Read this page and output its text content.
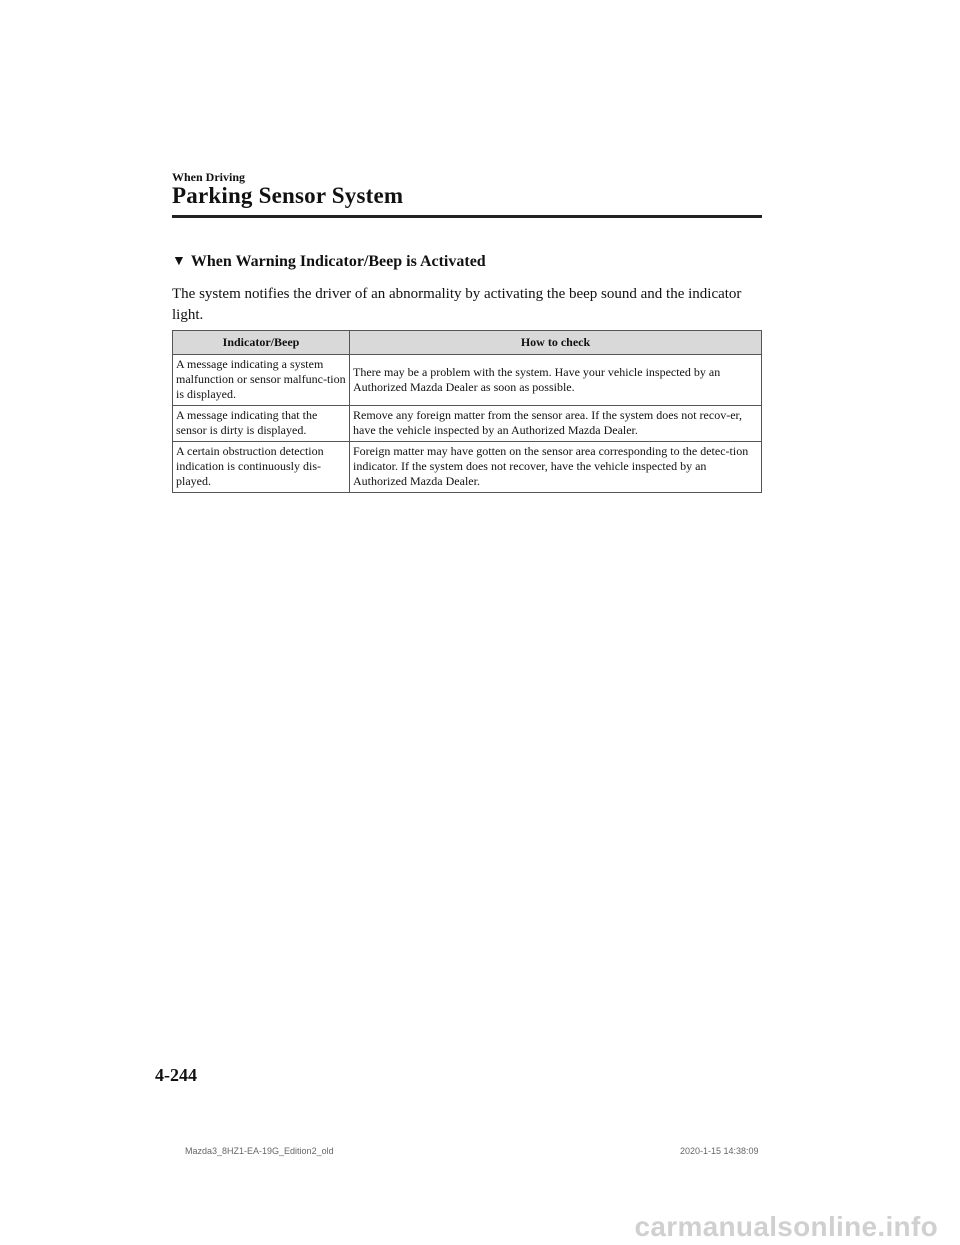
When Driving
Parking Sensor System
▼ When Warning Indicator/Beep is Activated

The system notifies the driver of an abnormality by activating the beep sound and the indicator light.

Indicator/Beep	How to check
A message indicating a system malfunction or sensor malfunc-tion is displayed.	There may be a problem with the system. Have your vehicle inspected by an Authorized Mazda Dealer as soon as possible.
A message indicating that the sensor is dirty is displayed.	Remove any foreign matter from the sensor area. If the system does not recov-er, have the vehicle inspected by an Authorized Mazda Dealer.
A certain obstruction detection indication is continuously dis-played.	Foreign matter may have gotten on the sensor area corresponding to the detec-tion indicator. If the system does not recover, have the vehicle inspected by an Authorized Mazda Dealer.
4-244
Mazda3_8HZ1-EA-19G_Edition2_old	2020-1-15 14:38:09
carmanualsonline.info
